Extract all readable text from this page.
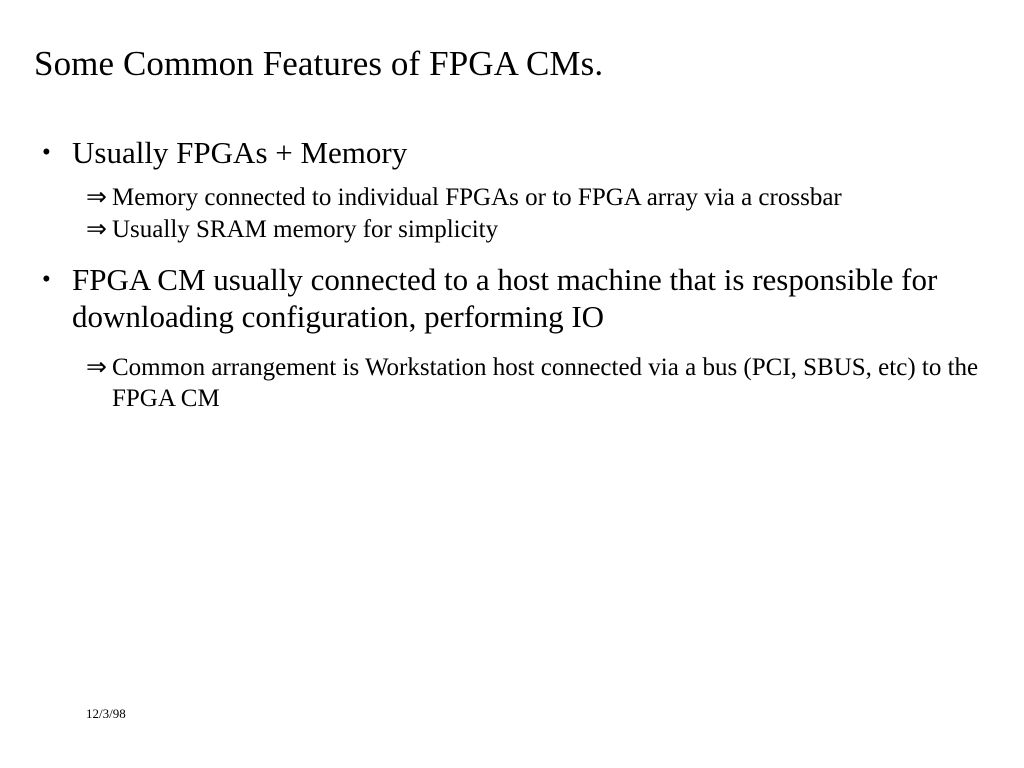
Some Common Features of FPGA CMs.
• Usually FPGAs + Memory
⇒ Memory connected to individual FPGAs or to FPGA array via a crossbar
⇒ Usually SRAM memory for simplicity
• FPGA CM usually connected to a host machine that is responsible for downloading configuration, performing IO
⇒ Common arrangement is Workstation host connected via a bus (PCI, SBUS, etc) to the FPGA CM
12/3/98
